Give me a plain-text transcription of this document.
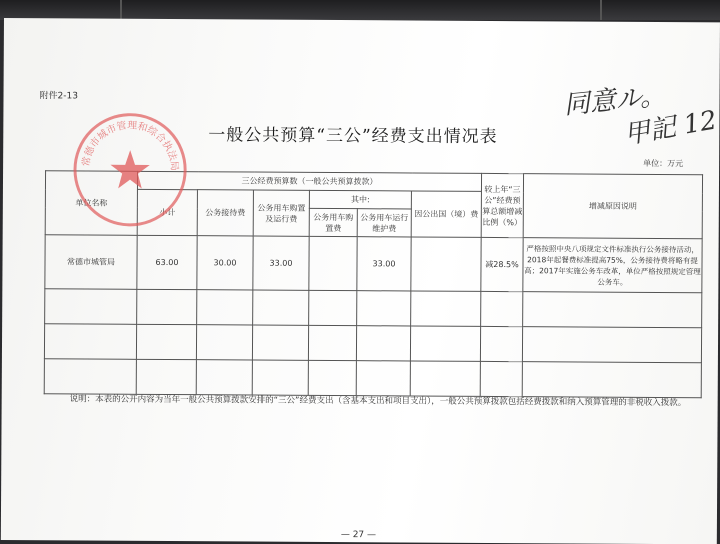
附件2-13
一般公共预算“三公”经费支出情况表
单位：万元
同意ル。
甲記 12
单位名称	三公经费预算数（一般公共预算拨款）						较上年“三公”经费预算总额增减比例（%）	增减原因说明
	小计	公务接待费	公务用车购置及运行费	其中:		因公出国（境）费		
				公务用车购置费	公务用车运行维护费			
常德市城管局	63.00	30.00	33.00		33.00		减28.5%	严格按照中央八项规定文件标准执行公务接待活动，2018年起餐费标准提高75%，公务接待费将略有提高；2017年实施公务车改革，单位严格按照规定管理公务车。

常德市城市管理和综合执法局
说明：本表的公开内容为当年一般公共预算拨款安排的“三公”经费支出（含基本支出和项目支出），一般公共预算拨款包括经费拨款和纳入预算管理的非税收入拨款。
— 27 —
